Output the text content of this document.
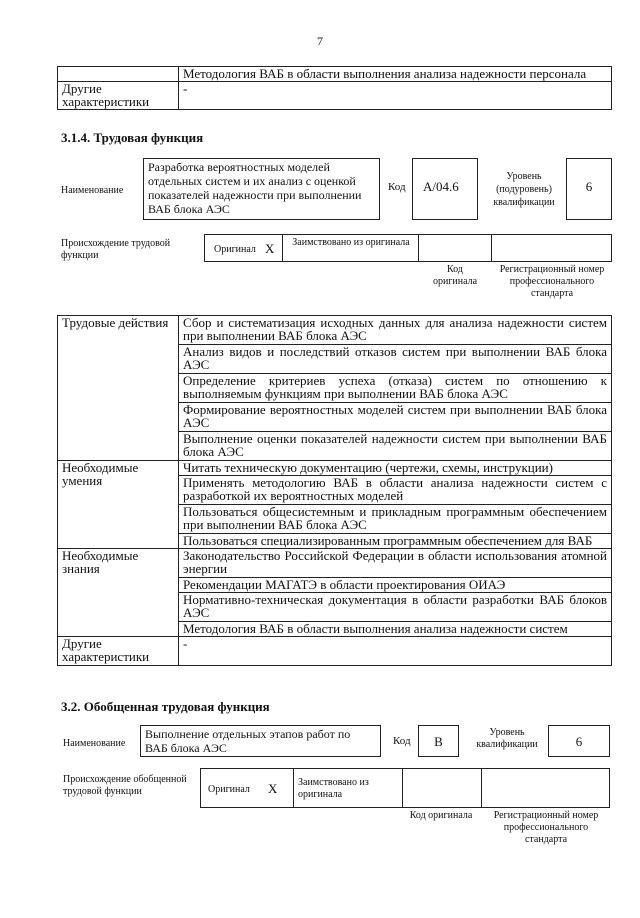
7
	Методология ВАБ в области выполнения анализа надежности персонала
Другие характеристики	-
3.1.4. Трудовая функция
Наименование
Разработка вероятностных моделей отдельных систем и их анализ с оценкой показателей надежности при выполнении ВАБ блока АЭС
Код	A/04.6
Уровень (подуровень) квалификации
6
Происхождение трудовой функции
Оригинал Х	Заимствовано из оригинала
Код оригинала
Регистрационный номер профессионального стандарта
Трудовые действия	Сбор и систематизация исходных данных для анализа надежности систем при выполнении ВАБ блока АЭС
	Анализ видов и последствий отказов систем при выполнении ВАБ блока АЭС
	Определение критериев успеха (отказа) систем по отношению к выполняемым функциям при выполнении ВАБ блока АЭС
	Формирование вероятностных моделей систем при выполнении ВАБ блока АЭС
	Выполнение оценки показателей надежности систем при выполнении ВАБ блока АЭС
Необходимые умения	Читать техническую документацию (чертежи, схемы, инструкции)
	Применять методологию ВАБ в области анализа надежности систем с разработкой их вероятностных моделей
	Пользоваться общесистемным и прикладным программным обеспечением при выполнении ВАБ блока АЭС
	Пользоваться специализированным программным обеспечением для ВАБ
Необходимые знания	Законодательство Российской Федерации в области использования атомной энергии
	Рекомендации МАГАТЭ в области проектирования ОИАЭ
	Нормативно-техническая документация в области разработки ВАБ блоков АЭС
	Методология ВАБ в области выполнения анализа надежности систем
Другие характеристики	-
3.2. Обобщенная трудовая функция
Наименование
Выполнение отдельных этапов работ по ВАБ блока АЭС	Код	В
Уровень квалификации	6
Происхождение обобщенной трудовой функции	Оригинал Х Заимствовано из оригинала
Код оригинала	Регистрационный номер профессионального стандарта
